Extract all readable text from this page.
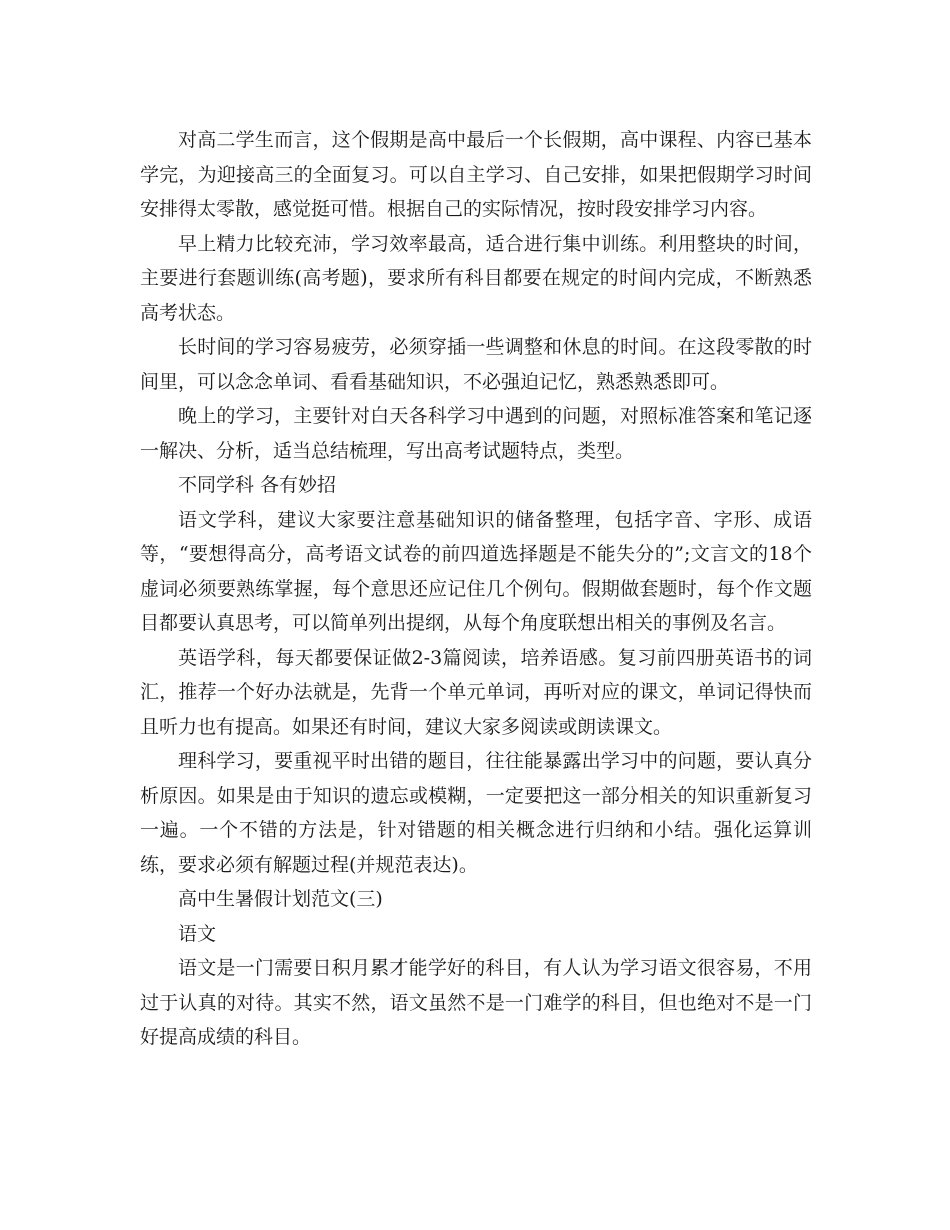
对高二学生而言，这个假期是高中最后一个长假期，高中课程、内容已基本学完，为迎接高三的全面复习。可以自主学习、自己安排，如果把假期学习时间安排得太零散，感觉挺可惜。根据自己的实际情况，按时段安排学习内容。

早上精力比较充沛，学习效率最高，适合进行集中训练。利用整块的时间，主要进行套题训练(高考题)，要求所有科目都要在规定的时间内完成，不断熟悉高考状态。

长时间的学习容易疲劳，必须穿插一些调整和休息的时间。在这段零散的时间里，可以念念单词、看看基础知识，不必强迫记忆，熟悉熟悉即可。

晚上的学习，主要针对白天各科学习中遇到的问题，对照标准答案和笔记逐一解决、分析，适当总结梳理，写出高考试题特点，类型。

不同学科 各有妙招

语文学科，建议大家要注意基础知识的储备整理，包括字音、字形、成语等，“要想得高分，高考语文试卷的前四道选择题是不能失分的”;文言文的18个虚词必须要熟练掌握，每个意思还应记住几个例句。假期做套题时，每个作文题目都要认真思考，可以简单列出提纲，从每个角度联想出相关的事例及名言。

英语学科，每天都要保证做2-3篇阅读，培养语感。复习前四册英语书的词汇，推荐一个好办法就是，先背一个单元单词，再听对应的课文，单词记得快而且听力也有提高。如果还有时间，建议大家多阅读或朗读课文。

理科学习，要重视平时出错的题目，往往能暴露出学习中的问题，要认真分析原因。如果是由于知识的遗忘或模糊，一定要把这一部分相关的知识重新复习一遍。一个不错的方法是，针对错题的相关概念进行归纳和小结。强化运算训练，要求必须有解题过程(并规范表达)。

高中生暑假计划范文(三)

语文

语文是一门需要日积月累才能学好的科目，有人认为学习语文很容易，不用过于认真的对待。其实不然，语文虽然不是一门难学的科目，但也绝对不是一门好提高成绩的科目。
